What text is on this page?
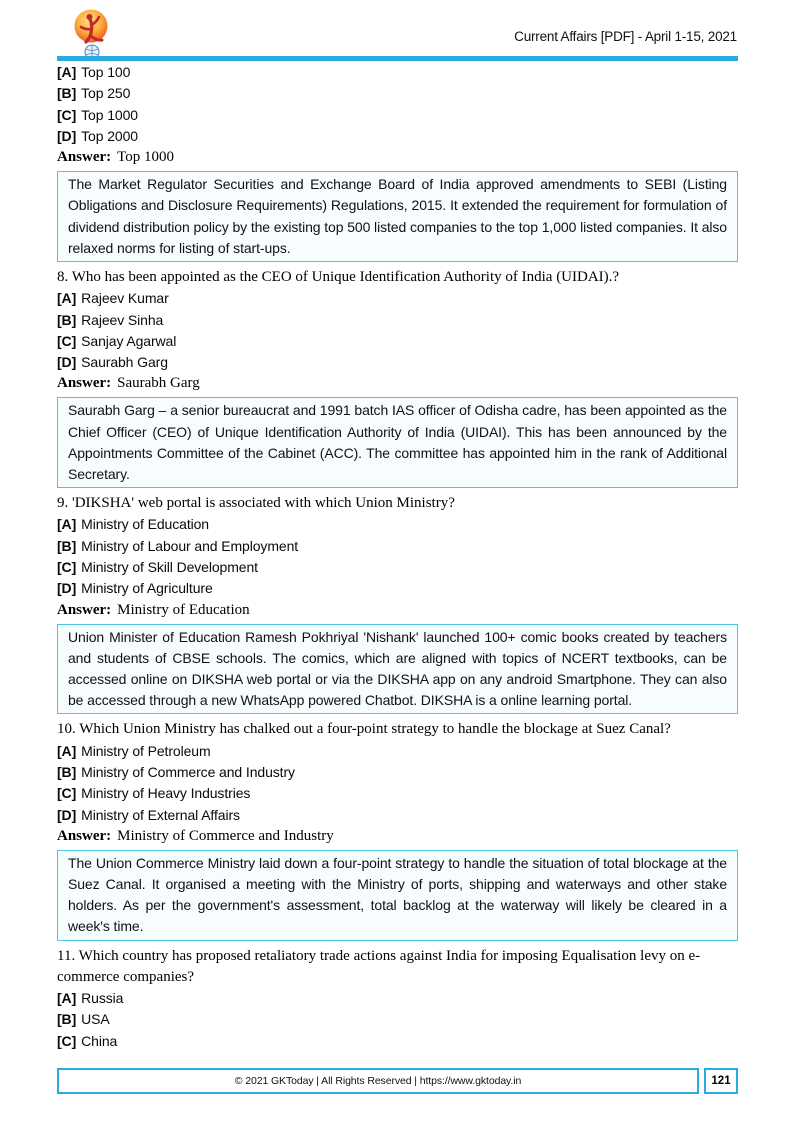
Current Affairs [PDF] - April 1-15, 2021

[A] Top 100

[B] Top 250

[C] Top 1000

[D] Top 2000

Answer: Top 1000

The Market Regulator Securities and Exchange Board of India approved amendments to SEBI (Listing Obligations and Disclosure Requirements) Regulations, 2015. It extended the requirement for formulation of dividend distribution policy by the existing top 500 listed companies to the top 1,000 listed companies. It also relaxed norms for listing of start-ups.

8. Who has been appointed as the CEO of Unique Identification Authority of India (UIDAI).?

[A] Rajeev Kumar

[B] Rajeev Sinha

[C] Sanjay Agarwal

[D] Saurabh Garg

Answer: Saurabh Garg

Saurabh Garg – a senior bureaucrat and 1991 batch IAS officer of Odisha cadre, has been appointed as the Chief Officer (CEO) of Unique Identification Authority of India (UIDAI). This has been announced by the Appointments Committee of the Cabinet (ACC). The committee has appointed him in the rank of Additional Secretary.

9. 'DIKSHA' web portal is associated with which Union Ministry?

[A] Ministry of Education

[B] Ministry of Labour and Employment

[C] Ministry of Skill Development

[D] Ministry of Agriculture

Answer: Ministry of Education

Union Minister of Education Ramesh Pokhriyal 'Nishank' launched 100+ comic books created by teachers and students of CBSE schools. The comics, which are aligned with topics of NCERT textbooks, can be accessed online on DIKSHA web portal or via the DIKSHA app on any android Smartphone. They can also be accessed through a new WhatsApp powered Chatbot. DIKSHA is a online learning portal.

10. Which Union Ministry has chalked out a four-point strategy to handle the blockage at Suez Canal?

[A] Ministry of Petroleum

[B] Ministry of Commerce and Industry

[C] Ministry of Heavy Industries

[D] Ministry of External Affairs

Answer: Ministry of Commerce and Industry

The Union Commerce Ministry laid down a four-point strategy to handle the situation of total blockage at the Suez Canal. It organised a meeting with the Ministry of ports, shipping and waterways and other stake holders. As per the government's assessment, total backlog at the waterway will likely be cleared in a week's time.

11. Which country has proposed retaliatory trade actions against India for imposing Equalisation levy on e-commerce companies?

[A] Russia

[B] USA

[C] China

© 2021 GKToday | All Rights Reserved | https://www.gktoday.in	121
